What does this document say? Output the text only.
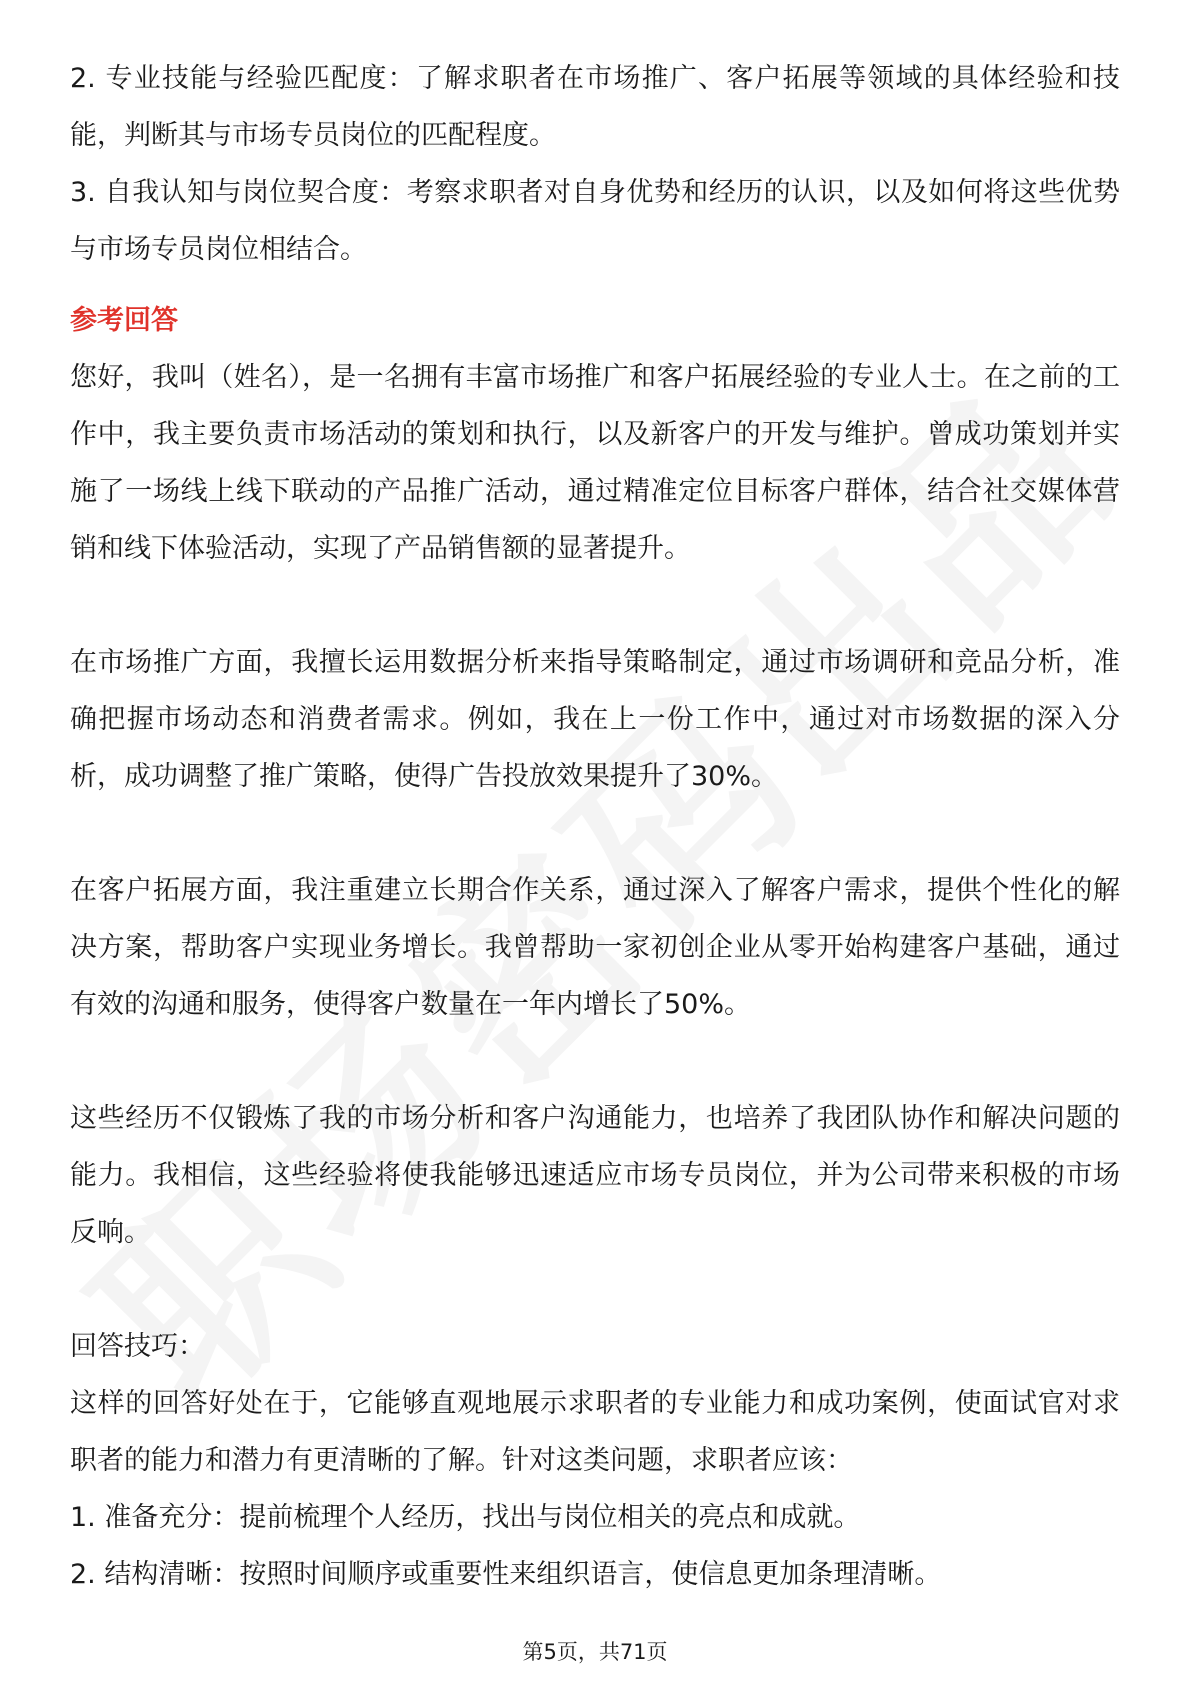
2. 专业技能与经验匹配度：了解求职者在市场推广、客户拓展等领域的具体经验和技能，判断其与市场专员岗位的匹配程度。

3. 自我认知与岗位契合度：考察求职者对自身优势和经历的认识，以及如何将这些优势与市场专员岗位相结合。

参考回答

您好，我叫（姓名），是一名拥有丰富市场推广和客户拓展经验的专业人士。在之前的工作中，我主要负责市场活动的策划和执行，以及新客户的开发与维护。曾成功策划并实施了一场线上线下联动的产品推广活动，通过精准定位目标客户群体，结合社交媒体营销和线下体验活动，实现了产品销售额的显著提升。

在市场推广方面，我擅长运用数据分析来指导策略制定，通过市场调研和竞品分析，准确把握市场动态和消费者需求。例如，我在上一份工作中，通过对市场数据的深入分析，成功调整了推广策略，使得广告投放效果提升了30%。

在客户拓展方面，我注重建立长期合作关系，通过深入了解客户需求，提供个性化的解决方案，帮助客户实现业务增长。我曾帮助一家初创企业从零开始构建客户基础，通过有效的沟通和服务，使得客户数量在一年内增长了50%。

这些经历不仅锻炼了我的市场分析和客户沟通能力，也培养了我团队协作和解决问题的能力。我相信，这些经验将使我能够迅速适应市场专员岗位，并为公司带来积极的市场反响。

回答技巧：

这样的回答好处在于，它能够直观地展示求职者的专业能力和成功案例，使面试官对求职者的能力和潜力有更清晰的了解。针对这类问题，求职者应该：

1. 准备充分：提前梳理个人经历，找出与岗位相关的亮点和成就。

2. 结构清晰：按照时间顺序或重要性来组织语言，使信息更加条理清晰。

第5页，共71页
